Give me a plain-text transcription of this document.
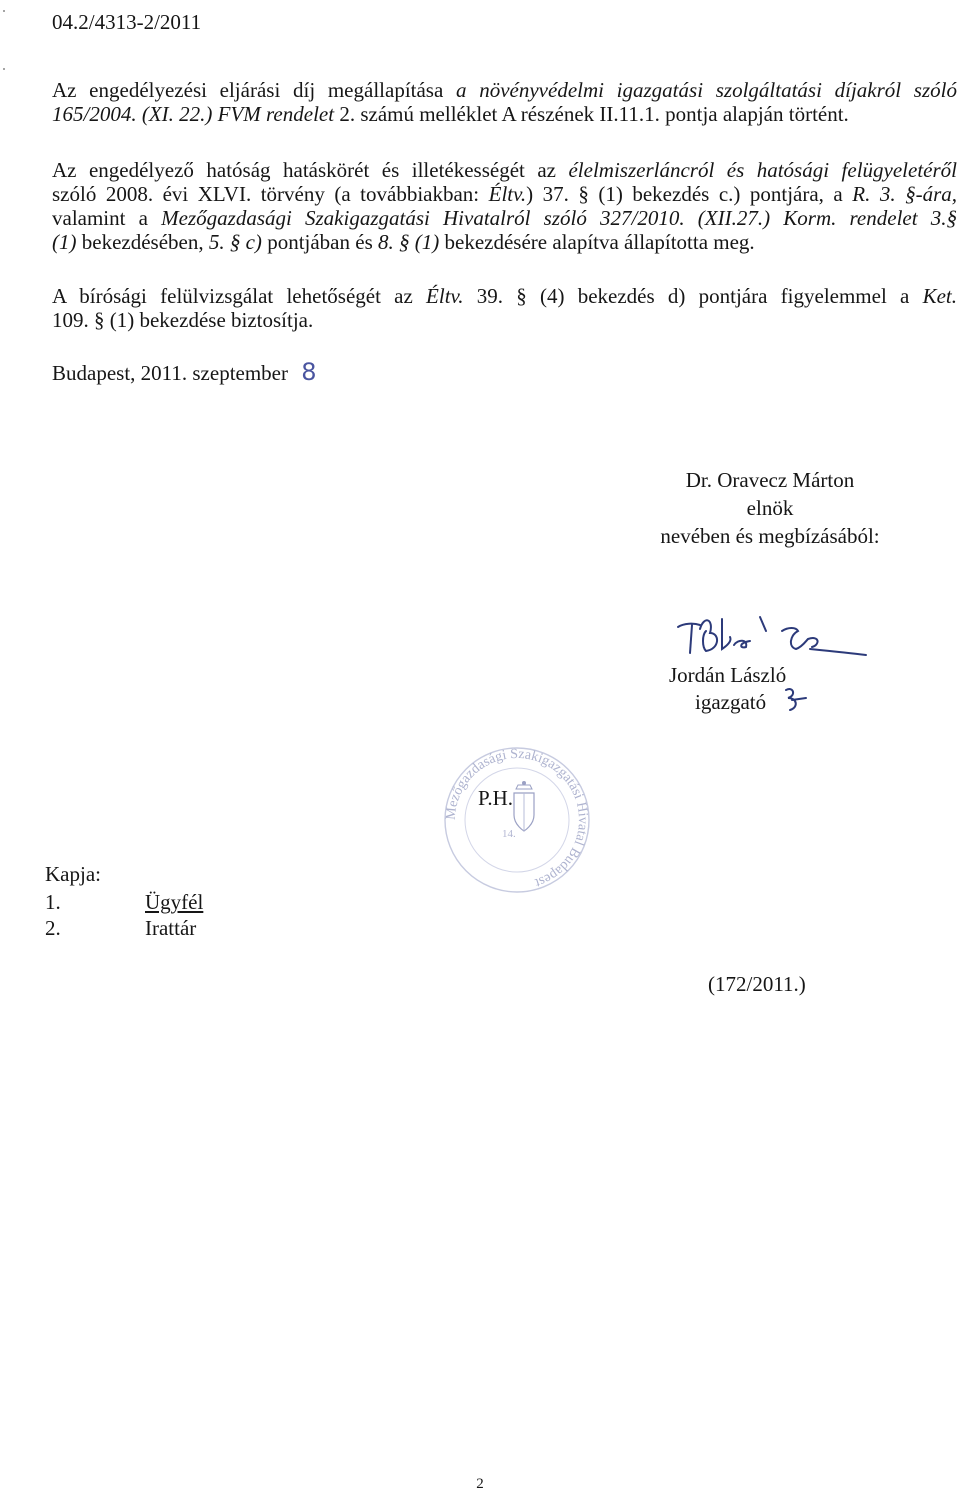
04.2/4313-2/2011
Az engedélyezési eljárási díj megállapítása a növényvédelmi igazgatási szolgáltatási díjakról szóló
165/2004. (XI. 22.) FVM rendelet 2. számú melléklet A részének II.11.1. pontja alapján történt.
Az engedélyező hatóság hatáskörét és illetékességét az élelmiszerláncról és hatósági felügyeletéről
szóló 2008. évi XLVI. törvény (a továbbiakban: Éltv.) 37. § (1) bekezdés c.) pontjára, a R. 3. §-ára,
valamint a Mezőgazdasági Szakigazgatási Hivatalról szóló 327/2010. (XII.27.) Korm. rendelet 3.§
(1) bekezdésében, 5. § c) pontjában és 8. § (1) bekezdésére alapítva állapította meg.
A bírósági felülvizsgálat lehetőségét az Éltv. 39. § (4) bekezdés d) pontjára figyelemmel a Ket.
109. § (1) bekezdése biztosítja.
Budapest, 2011. szeptember 8
Dr. Oravecz Márton
elnök
nevében és megbízásából:
Jordán László
igazgató
Mezőgazdasági Szakigazgatási Hivatal Budapest
14.
P.H.
Kapja:
1.	Ügyfél
2.	Irattár
(172/2011.)
2
